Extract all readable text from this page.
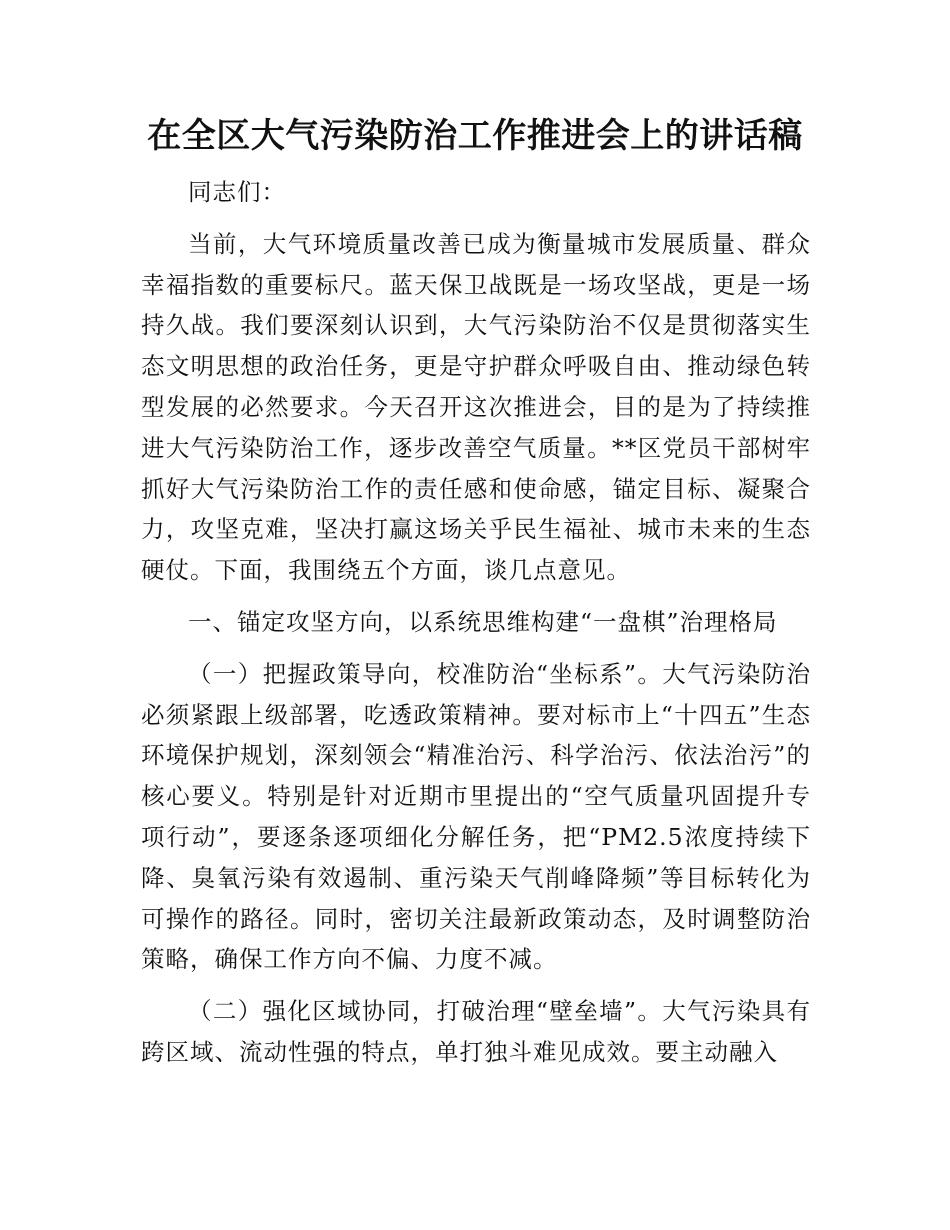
在全区大气污染防治工作推进会上的讲话稿

同志们：

当前，大气环境质量改善已成为衡量城市发展质量、群众幸福指数的重要标尺。蓝天保卫战既是一场攻坚战，更是一场持久战。我们要深刻认识到，大气污染防治不仅是贯彻落实生态文明思想的政治任务，更是守护群众呼吸自由、推动绿色转型发展的必然要求。今天召开这次推进会，目的是为了持续推进大气污染防治工作，逐步改善空气质量。**区党员干部树牢抓好大气污染防治工作的责任感和使命感，锚定目标、凝聚合力，攻坚克难，坚决打赢这场关乎民生福祉、城市未来的生态硬仗。下面，我围绕五个方面，谈几点意见。

一、锚定攻坚方向，以系统思维构建“一盘棋”治理格局

（一）把握政策导向，校准防治“坐标系”。大气污染防治必须紧跟上级部署，吃透政策精神。要对标市上“十四五”生态环境保护规划，深刻领会“精准治污、科学治污、依法治污”的核心要义。特别是针对近期市里提出的“空气质量巩固提升专项行动”，要逐条逐项细化分解任务，把“PM2.5浓度持续下降、臭氧污染有效遏制、重污染天气削峰降频”等目标转化为可操作的路径。同时，密切关注最新政策动态，及时调整防治策略，确保工作方向不偏、力度不减。

（二）强化区域协同，打破治理“壁垒墙”。大气污染具有跨区域、流动性强的特点，单打独斗难见成效。要主动融入
